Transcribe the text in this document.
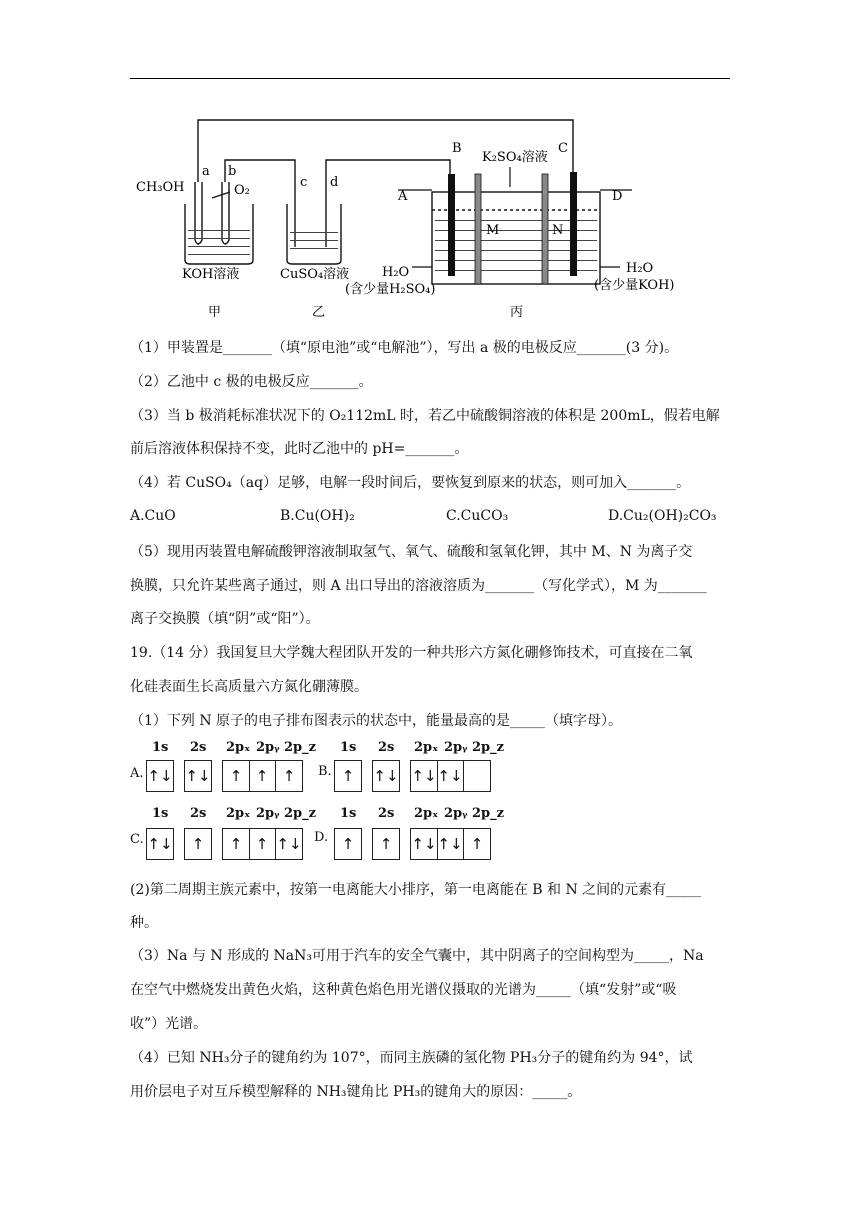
CH₃OH
a b
O₂
c d
B	C
K₂SO₄溶液
A	D
M	N
KOH溶液	CuSO₄溶液	H₂O
(含少量H₂SO₄)
H₂O
(含少量KOH)
甲	乙	丙
（1）甲装置是_______（填“原电池”或“电解池”），写出 a 极的电极反应_______(3 分)。
（2）乙池中 c 极的电极反应_______。
（3）当 b 极消耗标准状况下的 O₂112mL 时，若乙中硫酸铜溶液的体积是 200mL，假若电解
前后溶液体积保持不变，此时乙池中的 pH=_______。
（4）若 CuSO₄（aq）足够，电解一段时间后，要恢复到原来的状态，则可加入_______。
A.CuO	B.Cu(OH)₂	C.CuCO₃	D.Cu₂(OH)₂CO₃
（5）现用丙装置电解硫酸钾溶液制取氢气、氧气、硫酸和氢氧化钾，其中 M、N 为离子交
换膜，只允许某些离子通过，则 A 出口导出的溶液溶质为_______（写化学式），M 为_______
离子交换膜（填“阴”或“阳”）。
19.（14 分）我国复旦大学魏大程团队开发的一种共形六方氮化硼修饰技术，可直接在二氧
化硅表面生长高质量六方氮化硼薄膜。
（1）下列 N 原子的电子排布图表示的状态中，能量最高的是_____（填字母）。
1s 2s 2pₓ 2pᵧ 2p_z 1s 2s 2pₓ 2pᵧ 2p_z
A. ↑↓ ↑↓	↑ ↑ ↑	B. ↑	↑↓ ↑↓ ↑↓
1s 2s 2pₓ 2pᵧ 2p_z 1s 2s 2pₓ 2pᵧ 2p_z
C. ↑↓	↑	↑ ↑ ↑↓ D. ↑	↑	↑↓ ↑↓ ↑
(2)第二周期主族元素中，按第一电离能大小排序，第一电离能在 B 和 N 之间的元素有_____
种。
（3）Na 与 N 形成的 NaN₃可用于汽车的安全气囊中，其中阴离子的空间构型为_____，Na
在空气中燃烧发出黄色火焰，这种黄色焰色用光谱仪摄取的光谱为_____（填“发射”或“吸
收”）光谱。
（4）已知 NH₃分子的键角约为 107°，而同主族磷的氢化物 PH₃分子的键角约为 94°，试
用价层电子对互斥模型解释的 NH₃键角比 PH₃的键角大的原因：_____。
